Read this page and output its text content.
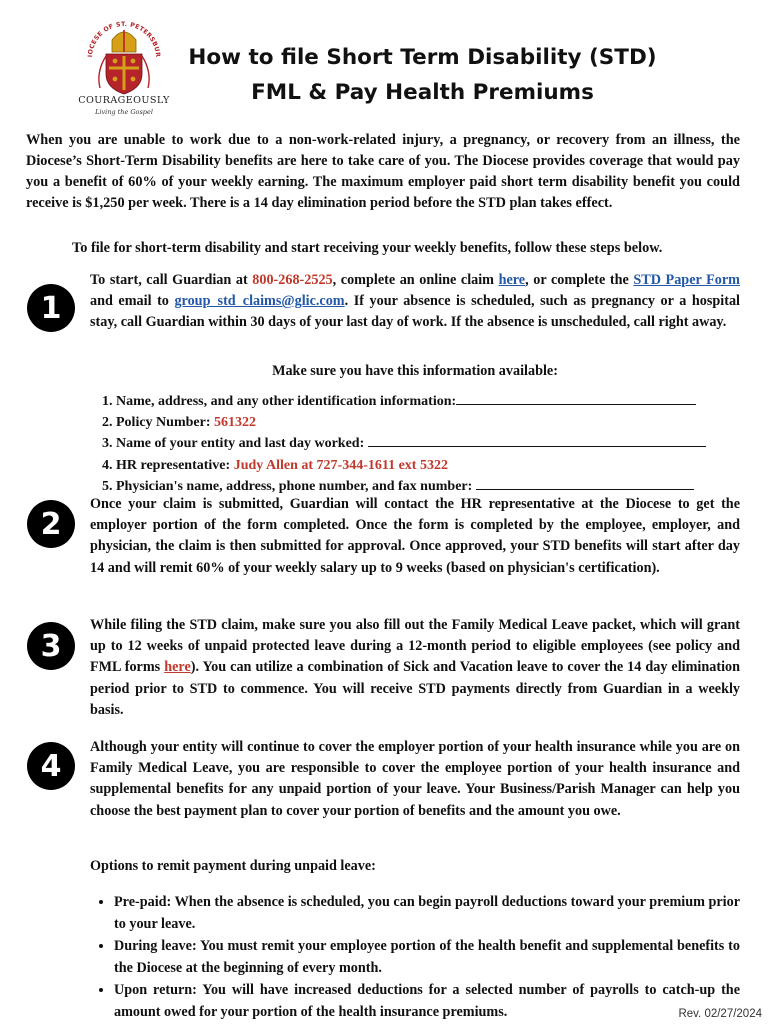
IOCESE OF ST. PETERSBUR
COURAGEOUSLY
Living the Gospel
How to file Short Term Disability (STD)
FML & Pay Health Premiums
When you are unable to work due to a non-work-related injury, a pregnancy, or recovery from an illness, the Diocese’s Short-Term Disability benefits are here to take care of you. The Diocese provides coverage that would pay you a benefit of 60% of your weekly earning. The maximum employer paid short term disability benefit you could receive is $1,250 per week. There is a 14 day elimination period before the STD plan takes effect.
To file for short-term disability and start receiving your weekly benefits, follow these steps below.
1
To start, call Guardian at 800-268-2525, complete an online claim here, or complete the STD Paper Form and email to group_std_claims@glic.com. If your absence is scheduled, such as pregnancy or a hospital stay, call Guardian within 30 days of your last day of work. If the absence is unscheduled, call right away.
Make sure you have this information available:
1. Name, address, and any other identification information:
2. Policy Number: 561322
3. Name of your entity and last day worked:
4. HR representative: Judy Allen at 727-344-1611 ext 5322
5. Physician's name, address, phone number, and fax number:
2
Once your claim is submitted, Guardian will contact the HR representative at the Diocese to get the employer portion of the form completed. Once the form is completed by the employee, employer, and physician, the claim is then submitted for approval. Once approved, your STD benefits will start after day 14 and will remit 60% of your weekly salary up to 9 weeks (based on physician's certification).
3
While filing the STD claim, make sure you also fill out the Family Medical Leave packet, which will grant up to 12 weeks of unpaid protected leave during a 12-month period to eligible employees (see policy and FML forms here). You can utilize a combination of Sick and Vacation leave to cover the 14 day elimination period prior to STD to commence. You will receive STD payments directly from Guardian in a weekly basis.
4
Although your entity will continue to cover the employer portion of your health insurance while you are on Family Medical Leave, you are responsible to cover the employee portion of your health insurance and supplemental benefits for any unpaid portion of your leave. Your Business/Parish Manager can help you choose the best payment plan to cover your portion of benefits and the amount you owe.
Options to remit payment during unpaid leave:
• Pre-paid: When the absence is scheduled, you can begin payroll deductions toward your premium prior to your leave.
• During leave: You must remit your employee portion of the health benefit and supplemental benefits to the Diocese at the beginning of every month.
• Upon return: You will have increased deductions for a selected number of payrolls to catch-up the amount owed for your portion of the health insurance premiums.	Rev. 02/27/2024
